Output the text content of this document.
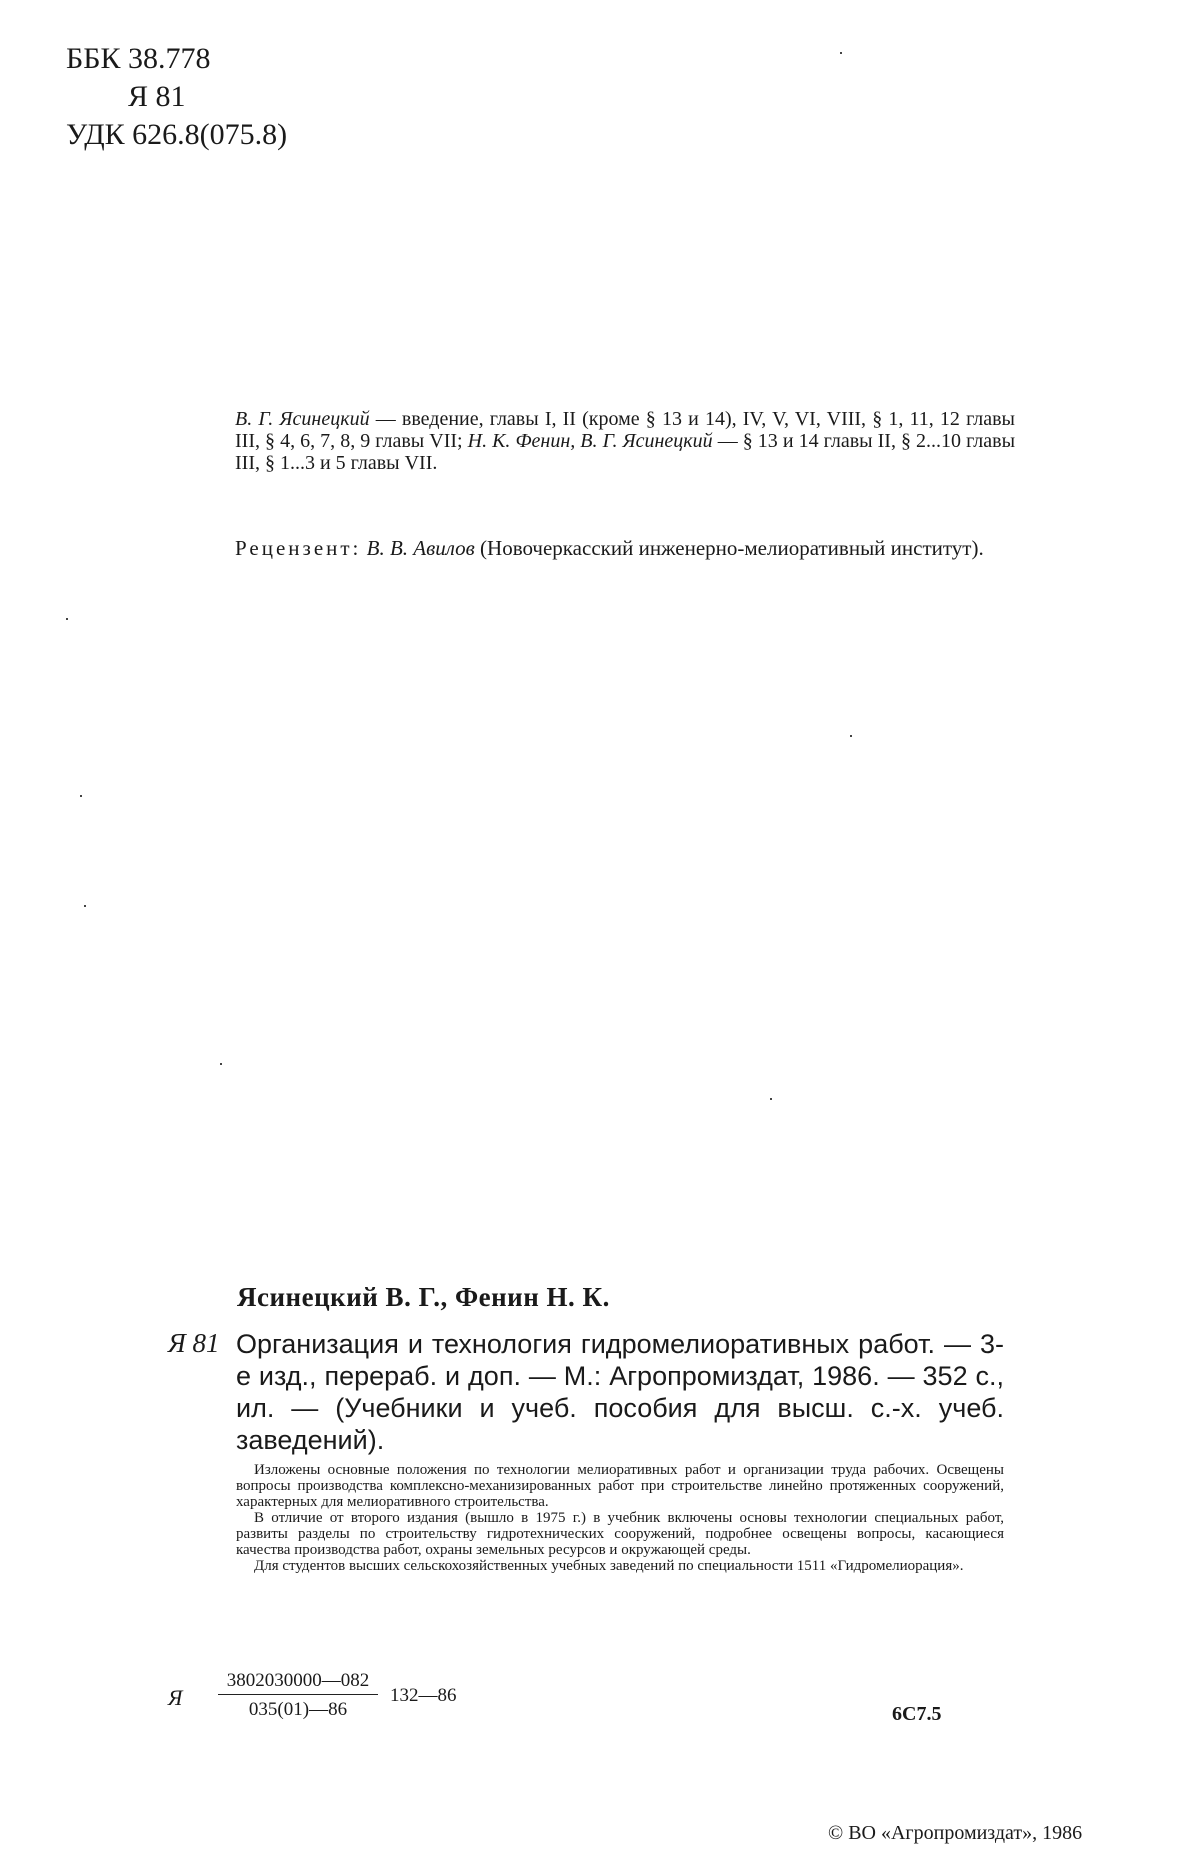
ББК 38.778
Я 81
УДК 626.8(075.8)
В. Г. Ясинецкий — введение, главы I, II (кроме § 13 и 14), IV, V, VI, VIII, § 1, 11, 12 главы III, § 4, 6, 7, 8, 9 главы VII; Н. К. Фенин, В. Г. Ясинецкий — § 13 и 14 главы II, § 2...10 главы III, § 1...3 и 5 главы VII.
Рецензент: В. В. Авилов (Новочеркасский инженерно-мелиоративный институт).
Ясинецкий В. Г., Фенин Н. К.
Я 81 Организация и технология гидромелиоративных работ. — 3-е изд., перераб. и доп. — М.: Агропромиздат, 1986. — 352 с., ил. — (Учебники и учеб. пособия для высш. с.-х. учеб. заведений).

Изложены основные положения по технологии мелиоративных работ и организации труда рабочих. Освещены вопросы производства комплексно-механизированных работ при строительстве линейно протяженных сооружений, характерных для мелиоративного строительства.

В отличие от второго издания (вышло в 1975 г.) в учебник включены основы технологии специальных работ, развиты разделы по строительству гидротехнических сооружений, подробнее освещены вопросы, касающиеся качества производства работ, охраны земельных ресурсов и окружающей среды.

Для студентов высших сельскохозяйственных учебных заведений по специальности 1511 «Гидромелиорация».

Я $\frac{3802030000—082}{035(01)—86}$ 132—86
6С7.5
© ВО «Агропромиздат», 1986
